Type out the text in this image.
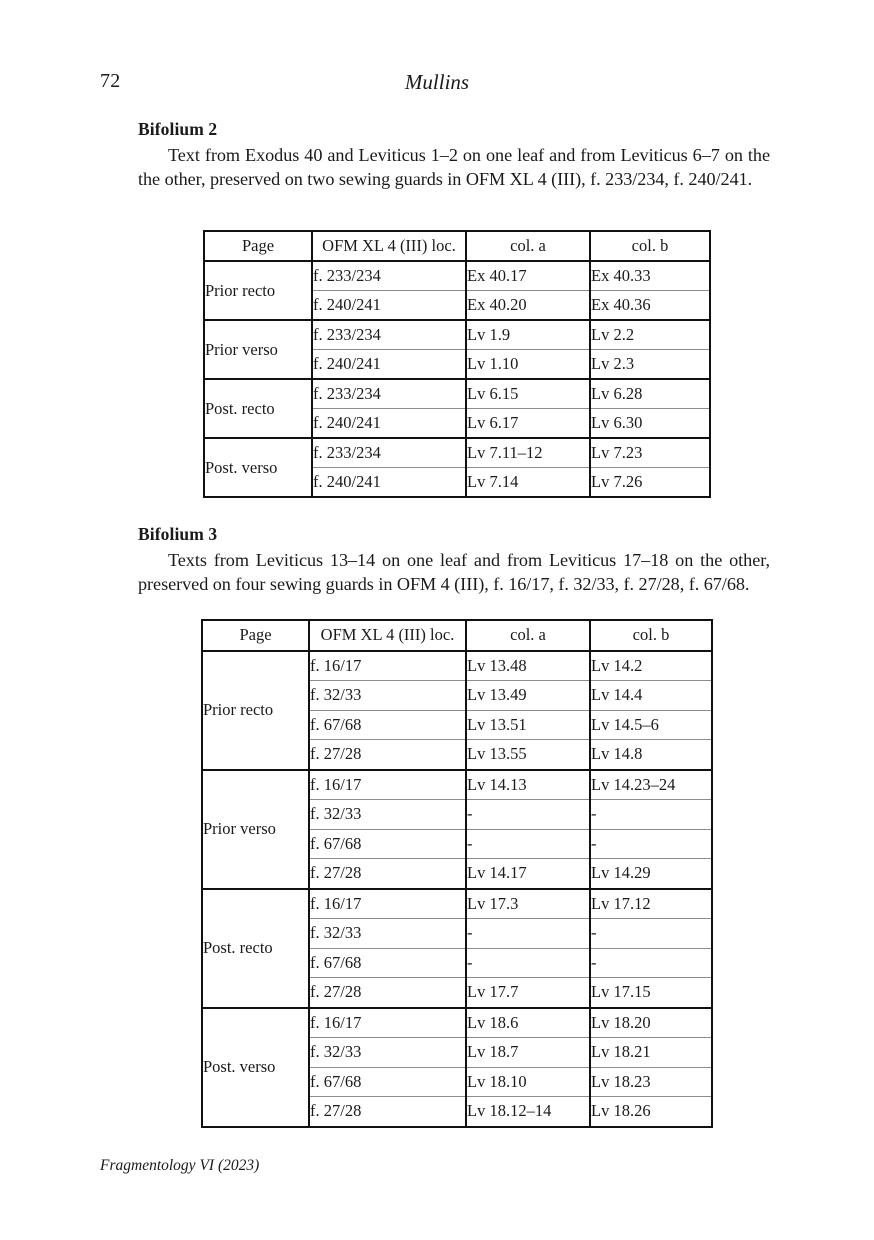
72	Mullins
Bifolium 2

Text from Exodus 40 and Leviticus 1–2 on one leaf and from Leviticus 6–7 on the the other, preserved on two sewing guards in OFM XL 4 (III), f. 233/234, f. 240/241.

Page	OFM XL 4 (III) loc.	col. a	col. b
Prior recto	f. 233/234	Ex 40.17	Ex 40.33
	f. 240/241	Ex 40.20	Ex 40.36
Prior verso	f. 233/234	Lv 1.9	Lv 2.2
	f. 240/241	Lv 1.10	Lv 2.3
Post. recto	f. 233/234	Lv 6.15	Lv 6.28
	f. 240/241	Lv 6.17	Lv 6.30
Post. verso	f. 233/234	Lv 7.11–12	Lv 7.23
	f. 240/241	Lv 7.14	Lv 7.26
Bifolium 3

Texts from Leviticus 13–14 on one leaf and from Leviticus 17–18 on the other, preserved on four sewing guards in OFM 4 (III), f. 16/17, f. 32/33, f. 27/28, f. 67/68.

Page	OFM XL 4 (III) loc.	col. a	col. b
Prior recto	f. 16/17	Lv 13.48	Lv 14.2
	f. 32/33	Lv 13.49	Lv 14.4
	f. 67/68	Lv 13.51	Lv 14.5–6
	f. 27/28	Lv 13.55	Lv 14.8
Prior verso	f. 16/17	Lv 14.13	Lv 14.23–24
	f. 32/33	-	-
	f. 67/68	-	-
	f. 27/28	Lv 14.17	Lv 14.29
Post. recto	f. 16/17	Lv 17.3	Lv 17.12
	f. 32/33	-	-
	f. 67/68	-	-
	f. 27/28	Lv 17.7	Lv 17.15
Post. verso	f. 16/17	Lv 18.6	Lv 18.20
	f. 32/33	Lv 18.7	Lv 18.21
	f. 67/68	Lv 18.10	Lv 18.23
	f. 27/28	Lv 18.12–14	Lv 18.26
Fragmentology VI (2023)
